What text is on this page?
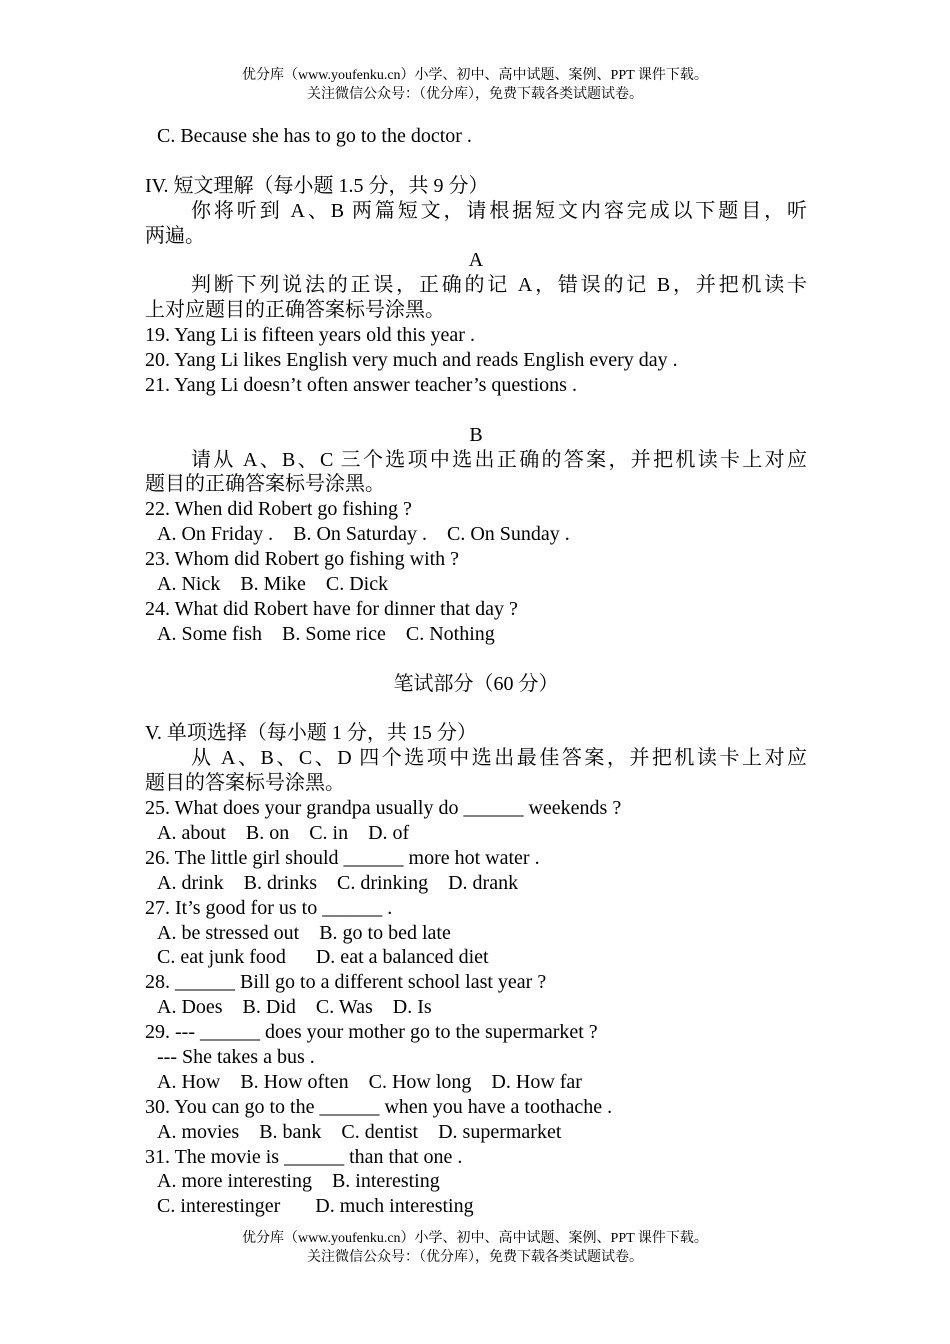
优分库（www.youfenku.cn）小学、初中、高中试题、案例、PPT 课件下载。
关注微信公众号：（优分库），免费下载各类试题试卷。
C. Because she has to go to the doctor .
IV. 短文理解（每小题 1.5 分，共 9 分）
你将听到 A、B 两篇短文，请根据短文内容完成以下题目，听
两遍。
A
判断下列说法的正误，正确的记 A，错误的记 B，并把机读卡
上对应题目的正确答案标号涂黑。
19. Yang Li is fifteen years old this year .
20. Yang Li likes English very much and reads English every day .
21. Yang Li doesn’t often answer teacher’s questions .
B
请从 A、B、C 三个选项中选出正确的答案，并把机读卡上对应
题目的正确答案标号涂黑。
22. When did Robert go fishing ?
A. On Friday .    B. On Saturday .    C. On Sunday .
23. Whom did Robert go fishing with ?
A. Nick    B. Mike    C. Dick
24. What did Robert have for dinner that day ?
A. Some fish    B. Some rice    C. Nothing
笔试部分（60 分）
V. 单项选择（每小题 1 分，共 15 分）
从 A、B、C、D 四个选项中选出最佳答案，并把机读卡上对应
题目的答案标号涂黑。
25. What does your grandpa usually do ______ weekends ?
A. about    B. on    C. in    D. of
26. The little girl should ______ more hot water .
A. drink    B. drinks    C. drinking    D. drank
27. It’s good for us to ______ .
A. be stressed out    B. go to bed late
C. eat junk food      D. eat a balanced diet
28. ______ Bill go to a different school last year ?
A. Does    B. Did    C. Was    D. Is
29. --- ______ does your mother go to the supermarket ?
--- She takes a bus .
A. How    B. How often    C. How long    D. How far
30. You can go to the ______ when you have a toothache .
A. movies    B. bank    C. dentist    D. supermarket
31. The movie is ______ than that one .
A. more interesting    B. interesting
C. interestinger       D. much interesting
优分库（www.youfenku.cn）小学、初中、高中试题、案例、PPT 课件下载。
关注微信公众号：（优分库），免费下载各类试题试卷。
